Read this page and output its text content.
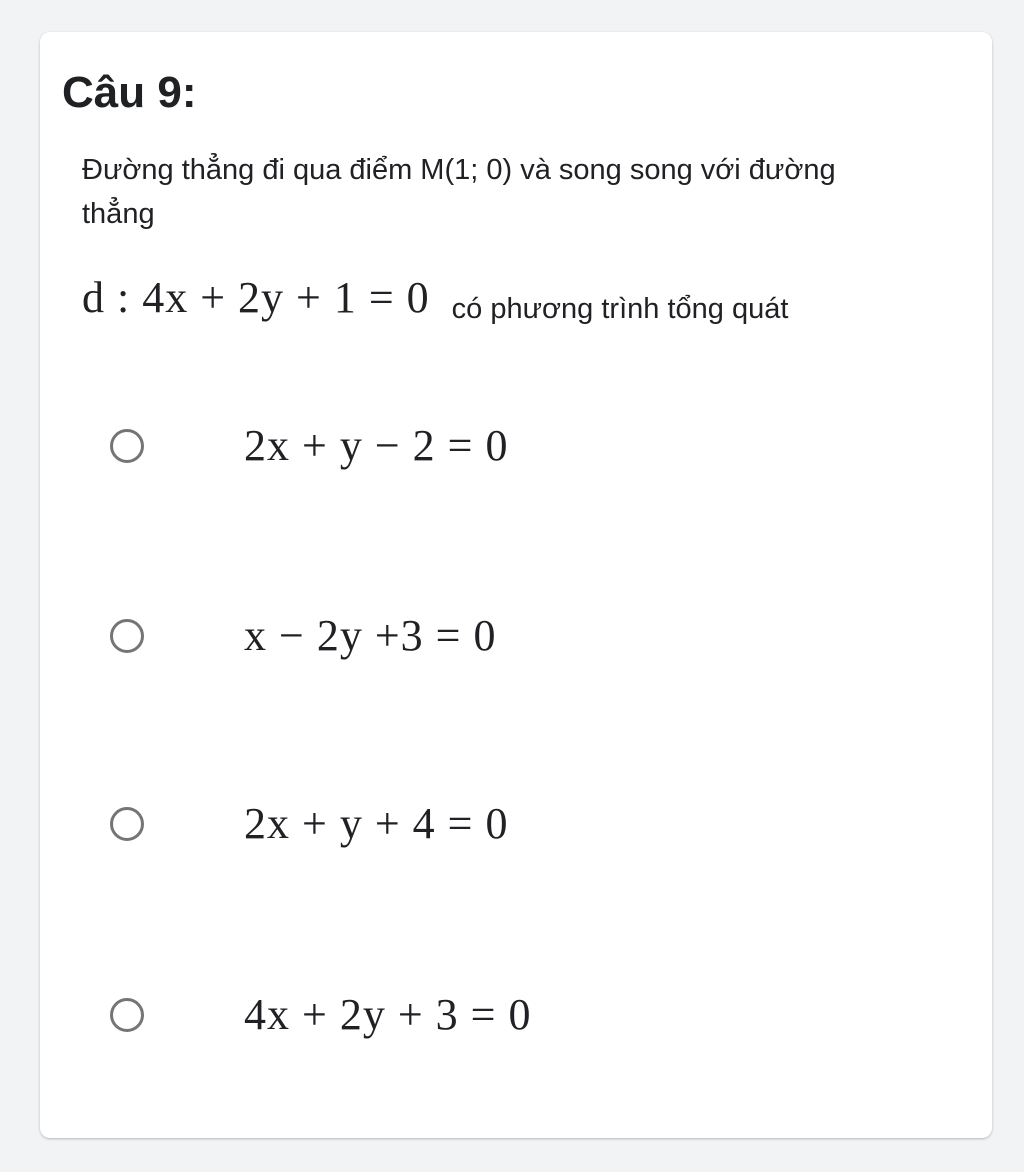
Câu 9:
Đường thẳng đi qua điểm M(1; 0) và song song với đường thẳng
d : 4x + 2y + 1 = 0 có phương trình tổng quát
2x + y − 2 = 0
x − 2y +3 = 0
2x + y + 4 = 0
4x + 2y + 3 = 0
